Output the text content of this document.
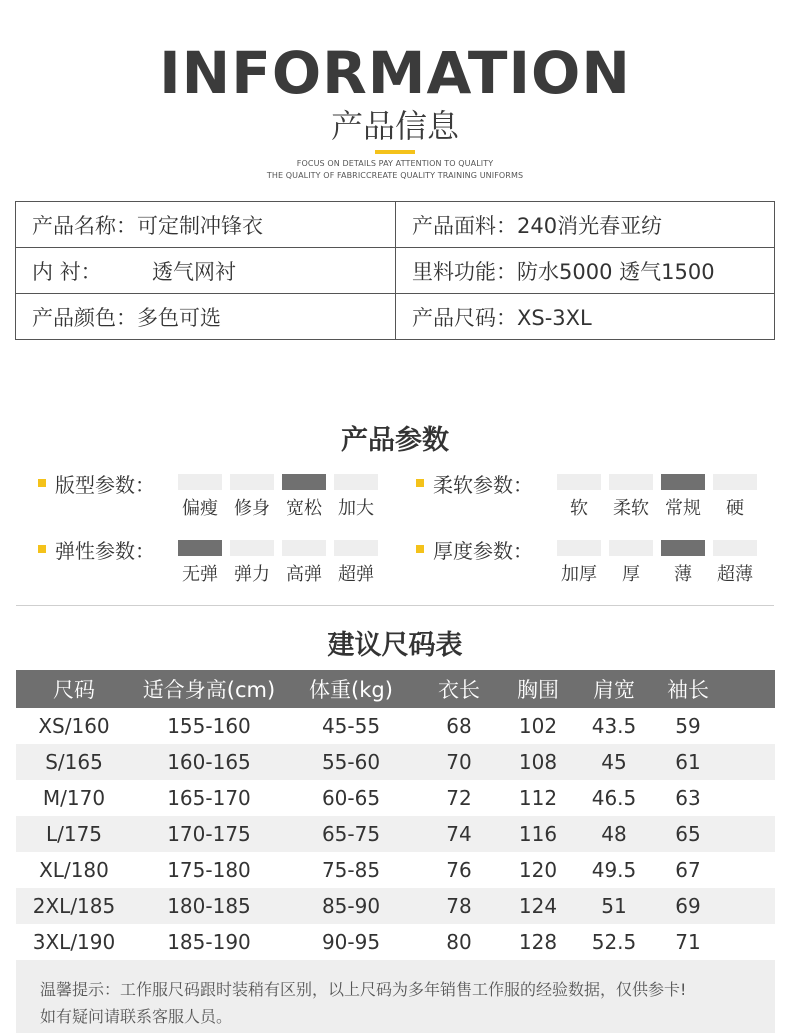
INFORMATION
产品信息
FOCUS ON DETAILS PAY ATTENTION TO QUALITY
THE QUALITY OF FABRICCREATE QUALITY TRAINING UNIFORMS
产品名称：可定制冲锋衣	产品面料：240消光春亚纺
内 衬： 透气网衬	里料功能：防水5000 透气1500
产品颜色：多色可选	产品尺码：XS-3XL
产品参数
版型参数：
偏瘦 修身 宽松 加大
柔软参数：
软	柔软 常规	硬
弹性参数：
无弹 弹力 高弹 超弹
厚度参数：
加厚	厚	薄	超薄
建议尺码表
尺码	适合身高(cm)	体重(kg)	衣长	胸围	肩宽	袖长	
XS/160	155-160	45-55	68	102	43.5	59	
S/165	160-165	55-60	70	108	45	61	
M/170	165-170	60-65	72	112	46.5	63	
L/175	170-175	65-75	74	116	48	65	
XL/180	175-180	75-85	76	120	49.5	67	
2XL/185	180-185	85-90	78	124	51	69	
3XL/190	185-190	90-95	80	128	52.5	71	
温馨提示：工作服尺码跟时装稍有区别，以上尺码为多年销售工作服的经验数据，仅供参卡!
如有疑问请联系客服人员。
